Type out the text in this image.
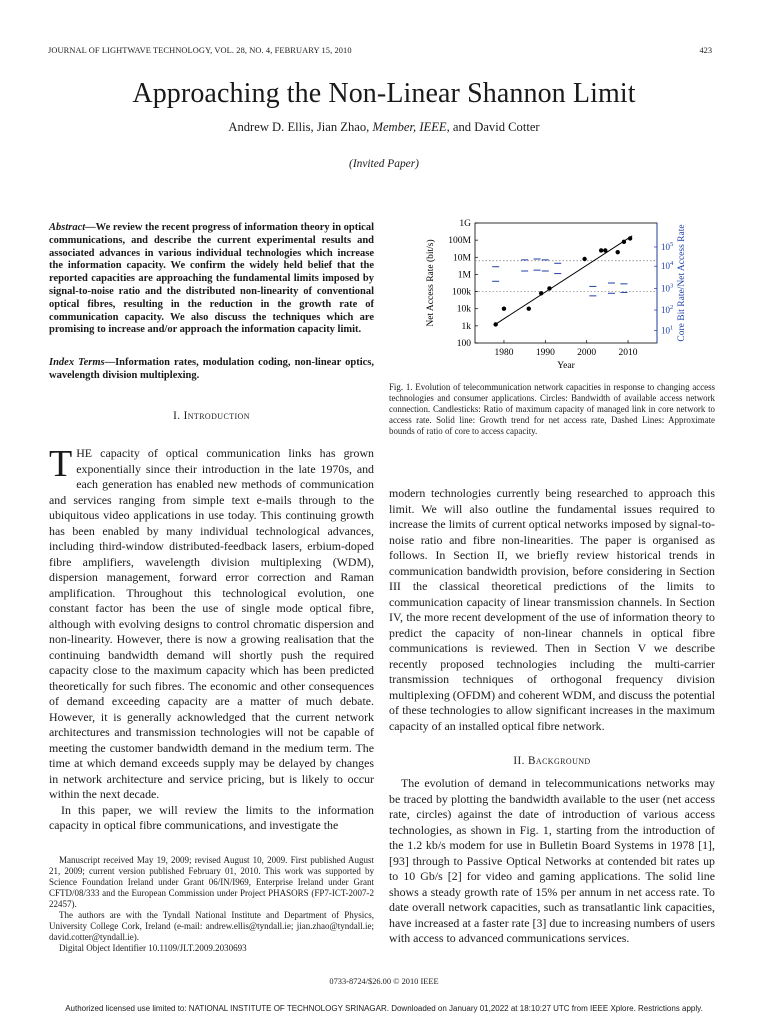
JOURNAL OF LIGHTWAVE TECHNOLOGY, VOL. 28, NO. 4, FEBRUARY 15, 2010	423
Approaching the Non-Linear Shannon Limit
Andrew D. Ellis, Jian Zhao, Member, IEEE, and David Cotter
(Invited Paper)
Abstract—We review the recent progress of information theory in optical communications, and describe the current experimental results and associated advances in various individual technologies which increase the information capacity. We confirm the widely held belief that the reported capacities are approaching the fundamental limits imposed by signal-to-noise ratio and the distributed non-linearity of conventional optical fibres, resulting in the reduction in the growth rate of communication capacity. We also discuss the techniques which are promising to increase and/or approach the information capacity limit.
Index Terms—Information rates, modulation coding, non-linear optics, wavelength division multiplexing.
I. Introduction

THE capacity of optical communication links has grown exponentially since their introduction in the late 1970s, and each generation has enabled new methods of communication and services ranging from simple text e-mails through to the ubiquitous video applications in use today. This continuing growth has been enabled by many individual technological advances, including third-window distributed-feedback lasers, erbium-doped fibre amplifiers, wavelength division multiplexing (WDM), dispersion management, forward error correction and Raman amplification. Throughout this technological evolution, one constant factor has been the use of single mode optical fibre, although with evolving designs to control chromatic dispersion and non-linearity. However, there is now a growing realisation that the continuing bandwidth demand will shortly push the required capacity close to the maximum capacity which has been predicted theoretically for such fibres. The economic and other consequences of demand exceeding capacity are a matter of much debate. However, it is generally acknowledged that the current network architectures and transmission technologies will not be capable of meeting the customer bandwidth demand in the medium term. The time at which demand exceeds supply may be delayed by changes in network architecture and service pricing, but is likely to occur within the next decade.

In this paper, we will review the limits to the information capacity in optical fibre communications, and investigate the

Manuscript received May 19, 2009; revised August 10, 2009. First published August 21, 2009; current version published February 01, 2010. This work was supported by Science Foundation Ireland under Grant 06/IN/I969, Enterprise Ireland under Grant CFTD/08/333 and the European Commission under Project PHASORS (FP7-ICT-2007-2 22457).

The authors are with the Tyndall National Institute and Department of Physics, University College Cork, Ireland (e-mail: andrew.ellis@tyndall.ie; jian.zhao@tyndall.ie; david.cotter@tyndall.ie).

Digital Object Identifier 10.1109/JLT.2009.2030693

100
1k
10k
100k
1M
10M
100M
1G
1980 1990 2000 2010
Year
Net Access Rate (bit/s)
$10^1$
$10^2$
$10^3$
$10^4$
$10^5$ Core Bit Rate/Net Access Rate
Fig. 1. Evolution of telecommunication network capacities in response to changing access technologies and consumer applications. Circles: Bandwidth of available access network connection. Candlesticks: Ratio of maximum capacity of managed link in core network to access rate. Solid line: Growth trend for net access rate, Dashed Lines: Approximate bounds of ratio of core to access capacity.
modern technologies currently being researched to approach this limit. We will also outline the fundamental issues required to increase the limits of current optical networks imposed by signal-to-noise ratio and fibre non-linearities. The paper is organised as follows. In Section II, we briefly review historical trends in communication bandwidth provision, before considering in Section III the classical theoretical predictions of the limits to communication capacity of linear transmission channels. In Section IV, the more recent development of the use of information theory to predict the capacity of non-linear channels in optical fibre communications is reviewed. Then in Section V we describe recently proposed technologies including the multi-carrier transmission techniques of orthogonal frequency division multiplexing (OFDM) and coherent WDM, and discuss the potential of these technologies to allow significant increases in the maximum capacity of an installed optical fibre network.
II. Background

The evolution of demand in telecommunications networks may be traced by plotting the bandwidth available to the user (net access rate, circles) against the date of introduction of various access technologies, as shown in Fig. 1, starting from the introduction of the 1.2 kb/s modem for use in Bulletin Board Systems in 1978 [1], [93] through to Passive Optical Networks at contended bit rates up to 10 Gb/s [2] for video and gaming applications. The solid line shows a steady growth rate of 15% per annum in net access rate. To date overall network capacities, such as transatlantic link capacities, have increased at a faster rate [3] due to increasing numbers of users with access to advanced communications services.

0733-8724/$26.00 © 2010 IEEE
Authorized licensed use limited to: NATIONAL INSTITUTE OF TECHNOLOGY SRINAGAR. Downloaded on January 01,2022 at 18:10:27 UTC from IEEE Xplore. Restrictions apply.
